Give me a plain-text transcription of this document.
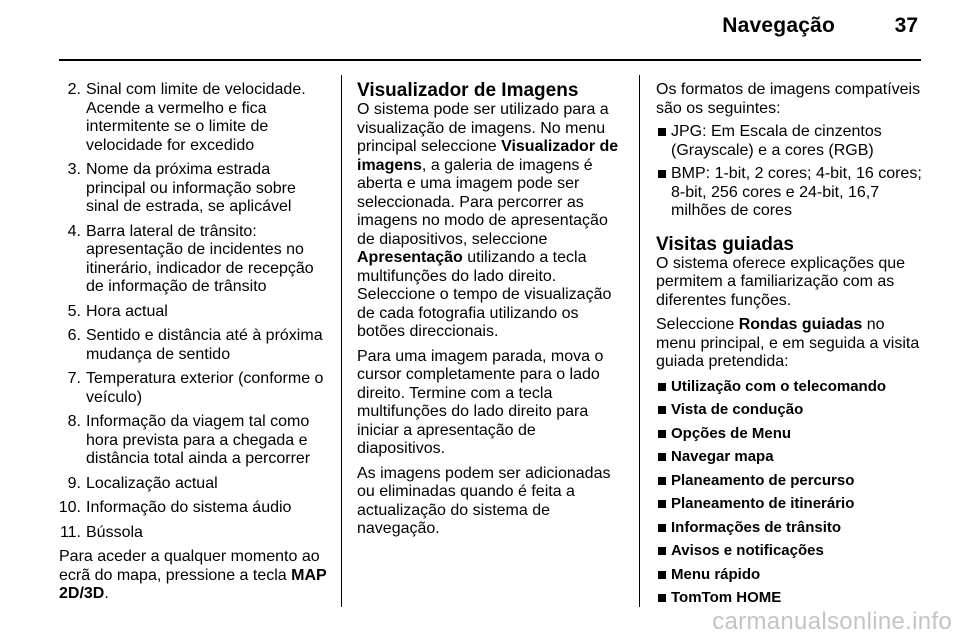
Navegação	37
2. Sinal com limite de velocidade. Acende a vermelho e fica intermitente se o limite de velocidade for excedido
3. Nome da próxima estrada principal ou informação sobre sinal de estrada, se aplicável
4. Barra lateral de trânsito: apresentação de incidentes no itinerário, indicador de recepção de informação de trânsito
5. Hora actual
6. Sentido e distância até à próxima mudança de sentido
7. Temperatura exterior (conforme o veículo)
8. Informação da viagem tal como hora prevista para a chegada e distância total ainda a percorrer
9. Localização actual
10. Informação do sistema áudio
11. Bússola

Para aceder a qualquer momento ao ecrã do mapa, pressione a tecla MAP 2D/3D.

Visualizador de Imagens

O sistema pode ser utilizado para a visualização de imagens. No menu principal seleccione Visualizador de imagens, a galeria de imagens é aberta e uma imagem pode ser seleccionada. Para percorrer as imagens no modo de apresentação de diapositivos, seleccione Apresentação utilizando a tecla multifunções do lado direito. Seleccione o tempo de visualização de cada fotografia utilizando os botões direccionais.

Para uma imagem parada, mova o cursor completamente para o lado direito. Termine com a tecla multifunções do lado direito para iniciar a apresentação de diapositivos.

As imagens podem ser adicionadas ou eliminadas quando é feita a actualização do sistema de navegação.

Os formatos de imagens compatíveis são os seguintes:

JPG: Em Escala de cinzentos (Grayscale) e a cores (RGB)
BMP: 1-bit, 2 cores; 4-bit, 16 cores; 8-bit, 256 cores e 24-bit, 16,7 milhões de cores
Visitas guiadas

O sistema oferece explicações que permitem a familiarização com as diferentes funções.

Seleccione Rondas guiadas no menu principal, e em seguida a visita guiada pretendida:

Utilização com o telecomando
Vista de condução
Opções de Menu
Navegar mapa
Planeamento de percurso
Planeamento de itinerário
Informações de trânsito
Avisos e notificações
Menu rápido
TomTom HOME
carmanualsonline.info
